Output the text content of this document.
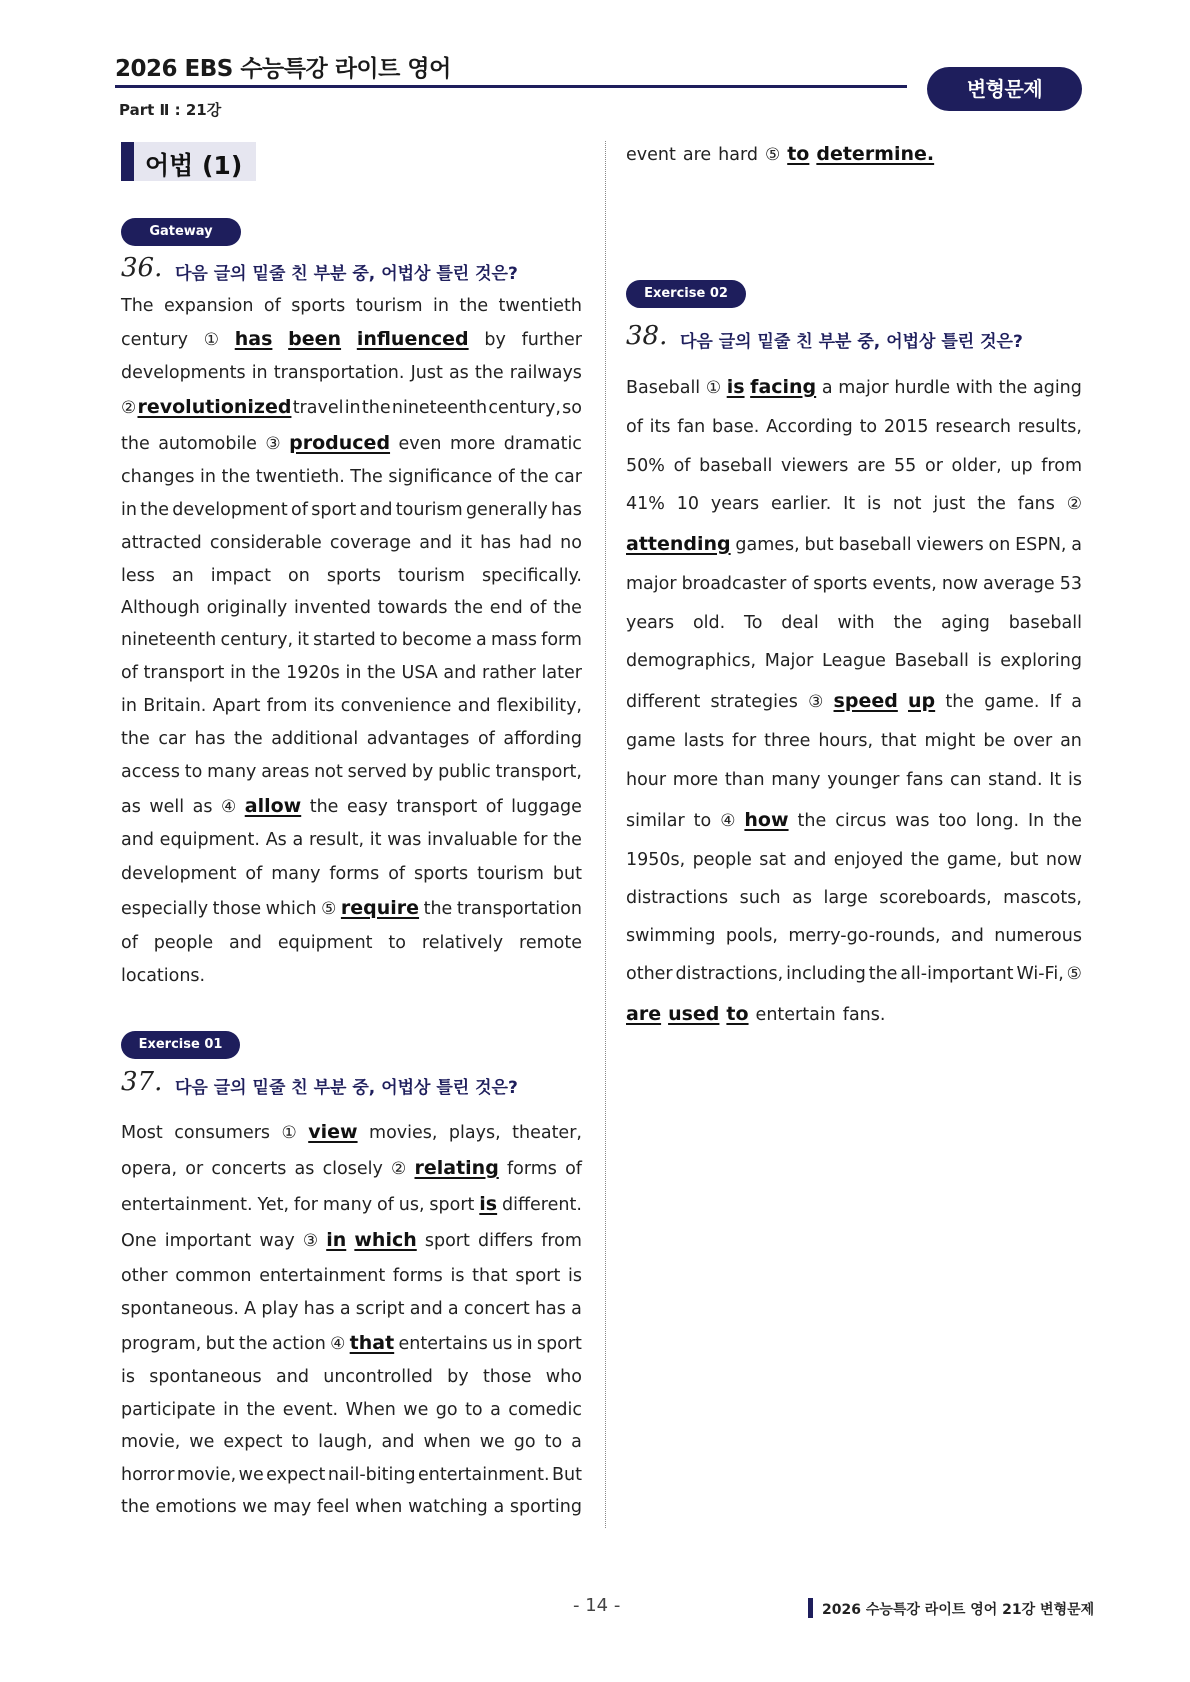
2026 EBS 수능특강 라이트 영어
Part Ⅱ : 21강
변형문제
어법 (1)
Gateway
36. 다음 글의 밑줄 친 부분 중, 어법상 틀린 것은?
The expansion of sports tourism in the twentieth
century ① has been influenced by further
developments in transportation. Just as the railways
② revolutionized travel in the nineteenth century, so
the automobile ③ produced even more dramatic
changes in the twentieth. The significance of the car
in the development of sport and tourism generally has
attracted considerable coverage and it has had no
less an impact on sports tourism specifically.
Although originally invented towards the end of the
nineteenth century, it started to become a mass form
of transport in the 1920s in the USA and rather later
in Britain. Apart from its convenience and flexibility,
the car has the additional advantages of affording
access to many areas not served by public transport,
as well as ④ allow the easy transport of luggage
and equipment. As a result, it was invaluable for the
development of many forms of sports tourism but
especially those which ⑤ require the transportation
of people and equipment to relatively remote
locations.
Exercise 01
37. 다음 글의 밑줄 친 부분 중, 어법상 틀린 것은?
Most consumers ① view movies, plays, theater,
opera, or concerts as closely ② relating forms of
entertainment. Yet, for many of us, sport is different.
One important way ③ in which sport differs from
other common entertainment forms is that sport is
spontaneous. A play has a script and a concert has a
program, but the action ④ that entertains us in sport
is spontaneous and uncontrolled by those who
participate in the event. When we go to a comedic
movie, we expect to laugh, and when we go to a
horror movie, we expect nail-biting entertainment. But
the emotions we may feel when watching a sporting
event are hard ⑤ to determine.
Exercise 02
38. 다음 글의 밑줄 친 부분 중, 어법상 틀린 것은?
Baseball ① is facing a major hurdle with the aging
of its fan base. According to 2015 research results,
50% of baseball viewers are 55 or older, up from
41% 10 years earlier. It is not just the fans ②
attending games, but baseball viewers on ESPN, a
major broadcaster of sports events, now average 53
years old. To deal with the aging baseball
demographics, Major League Baseball is exploring
different strategies ③ speed up the game. If a
game lasts for three hours, that might be over an
hour more than many younger fans can stand. It is
similar to ④ how the circus was too long. In the
1950s, people sat and enjoyed the game, but now
distractions such as large scoreboards, mascots,
swimming pools, merry-go-rounds, and numerous
other distractions, including the all-important Wi-Fi, ⑤
are used to entertain fans.
- 14 -	2026 수능특강 라이트 영어 21강 변형문제
